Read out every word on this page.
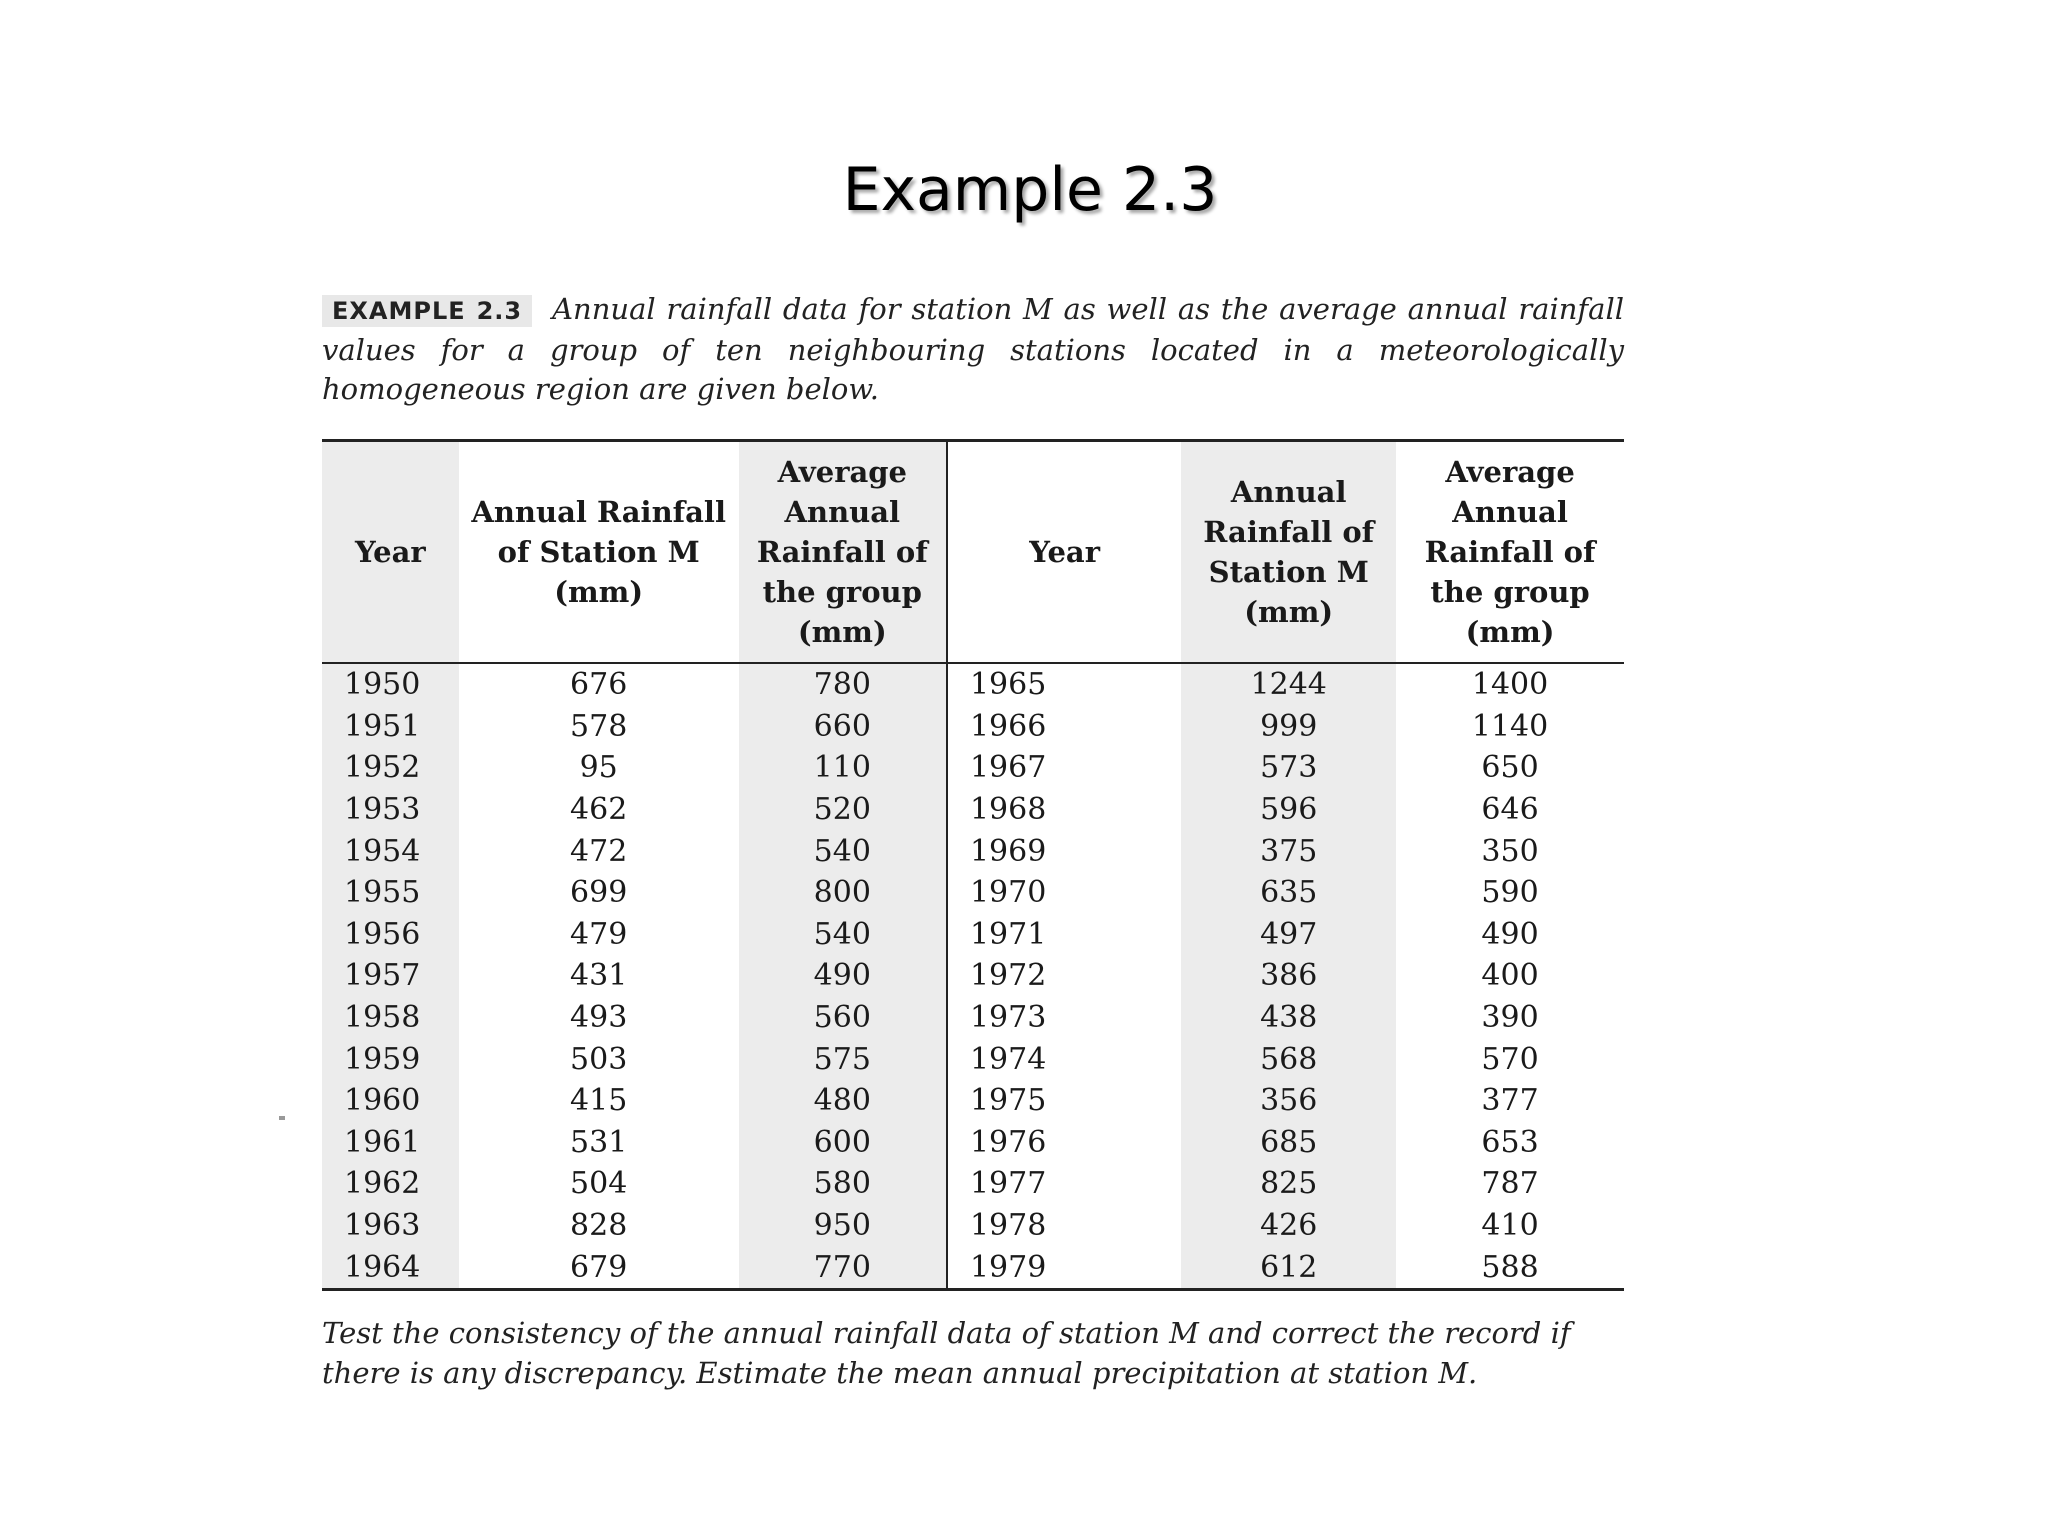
Example 2.3

EXAMPLE 2.3 Annual rainfall data for station M as well as the average annual rainfall values for a group of ten neighbouring stations located in a meteorologically homogeneous region are given below.

Year	Annual Rainfall of Station M (mm)	Average Annual Rainfall of the group (mm)	Year	Annual Rainfall of Station M (mm)	Average Annual Rainfall of the group (mm)
1950	676	780	1965	1244	1400
1951	578	660	1966	999	1140
1952	95	110	1967	573	650
1953	462	520	1968	596	646
1954	472	540	1969	375	350
1955	699	800	1970	635	590
1956	479	540	1971	497	490
1957	431	490	1972	386	400
1958	493	560	1973	438	390
1959	503	575	1974	568	570
1960	415	480	1975	356	377
1961	531	600	1976	685	653
1962	504	580	1977	825	787
1963	828	950	1978	426	410
1964	679	770	1979	612	588
Test the consistency of the annual rainfall data of station M and correct the record if there is any discrepancy. Estimate the mean annual precipitation at station M.
